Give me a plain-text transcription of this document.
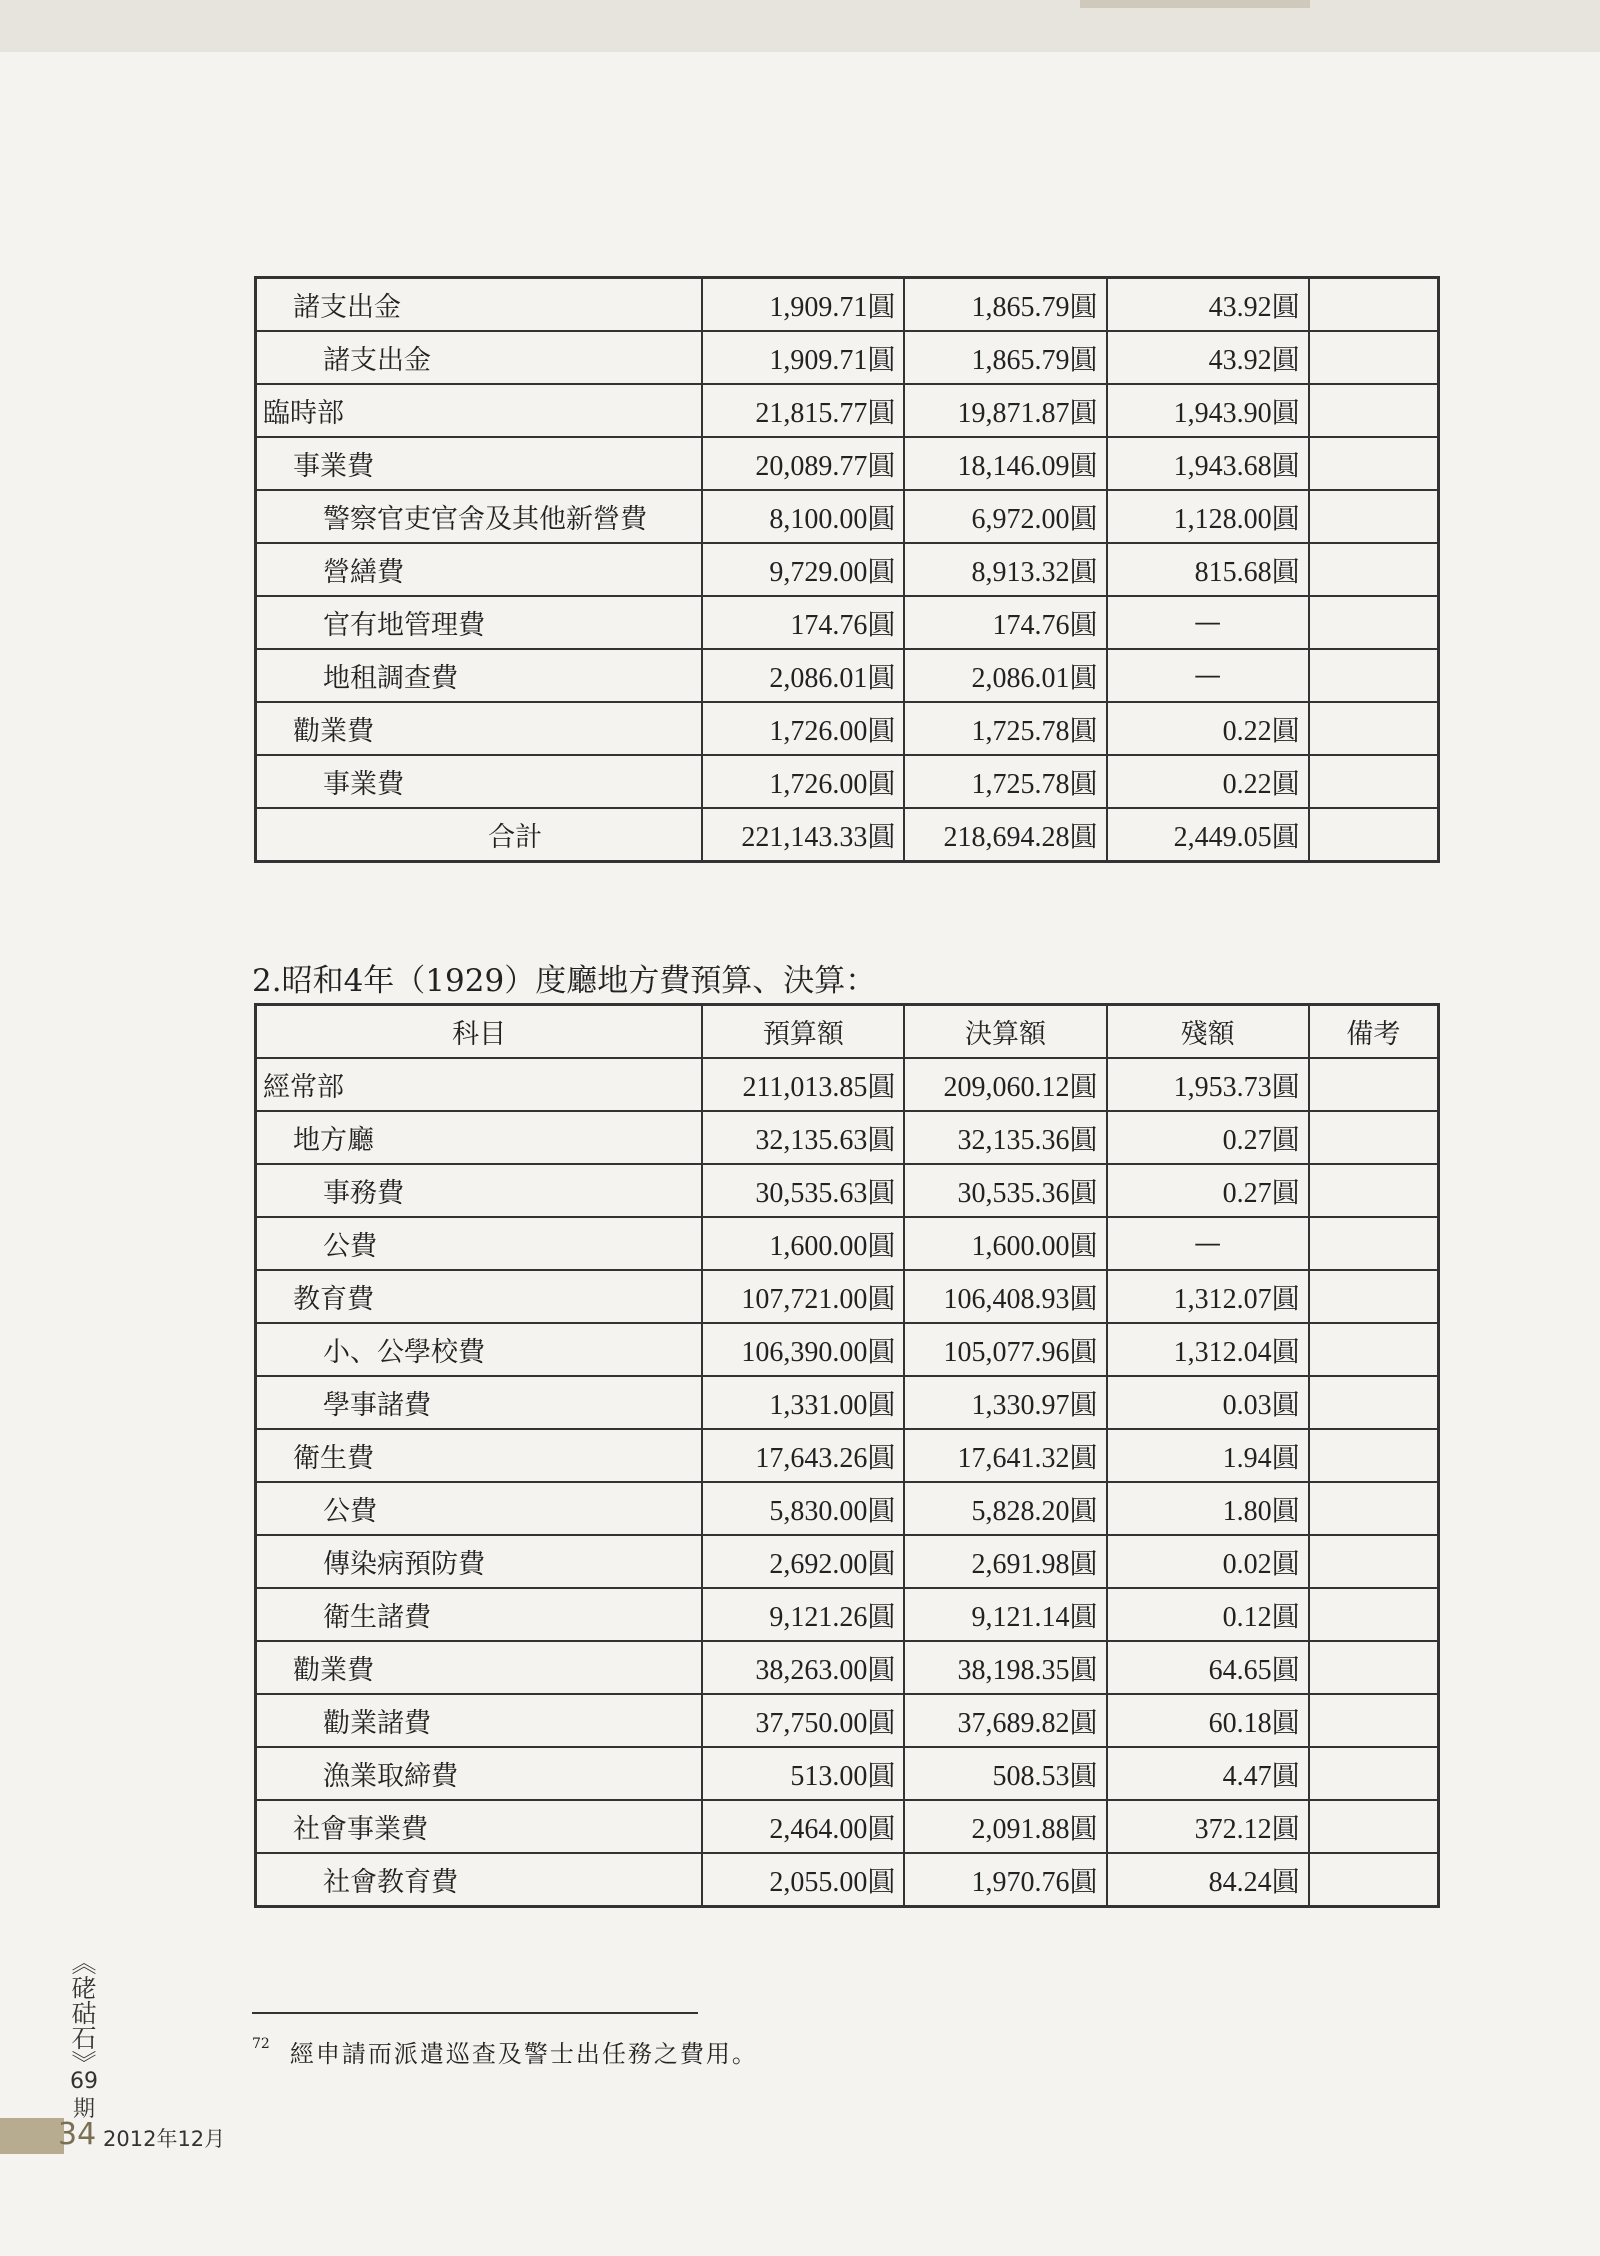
諸支出金	1,909.71圓	1,865.79圓	43.92圓	
諸支出金	1,909.71圓	1,865.79圓	43.92圓	
臨時部	21,815.77圓	19,871.87圓	1,943.90圓	
事業費	20,089.77圓	18,146.09圓	1,943.68圓	
警察官吏官舍及其他新營費	8,100.00圓	6,972.00圓	1,128.00圓	
營繕費	9,729.00圓	8,913.32圓	815.68圓	
官有地管理費	174.76圓	174.76圓	—	
地租調查費	2,086.01圓	2,086.01圓	—	
勸業費	1,726.00圓	1,725.78圓	0.22圓	
事業費	1,726.00圓	1,725.78圓	0.22圓	
合計	221,143.33圓	218,694.28圓	2,449.05圓	
2.昭和4年（1929）度廳地方費預算、決算：
科目	預算額	決算額	殘額	備考
經常部	211,013.85圓	209,060.12圓	1,953.73圓	
地方廳	32,135.63圓	32,135.36圓	0.27圓	
事務費	30,535.63圓	30,535.36圓	0.27圓	
公費	1,600.00圓	1,600.00圓	—	
教育費	107,721.00圓	106,408.93圓	1,312.07圓	
小、公學校費	106,390.00圓	105,077.96圓	1,312.04圓	
學事諸費	1,331.00圓	1,330.97圓	0.03圓	
衛生費	17,643.26圓	17,641.32圓	1.94圓	
公費	5,830.00圓	5,828.20圓	1.80圓	
傳染病預防費	2,692.00圓	2,691.98圓	0.02圓	
衛生諸費	9,121.26圓	9,121.14圓	0.12圓	
勸業費	38,263.00圓	38,198.35圓	64.65圓	
勸業諸費	37,750.00圓	37,689.82圓	60.18圓	
漁業取締費	513.00圓	508.53圓	4.47圓	
社會事業費	2,464.00圓	2,091.88圓	372.12圓	
社會教育費	2,055.00圓	1,970.76圓	84.24圓	
$^{72}$ 經申請而派遣巡查及警士出任務之費用。
《硓𥑮石》
69
期
34 2012年12月
